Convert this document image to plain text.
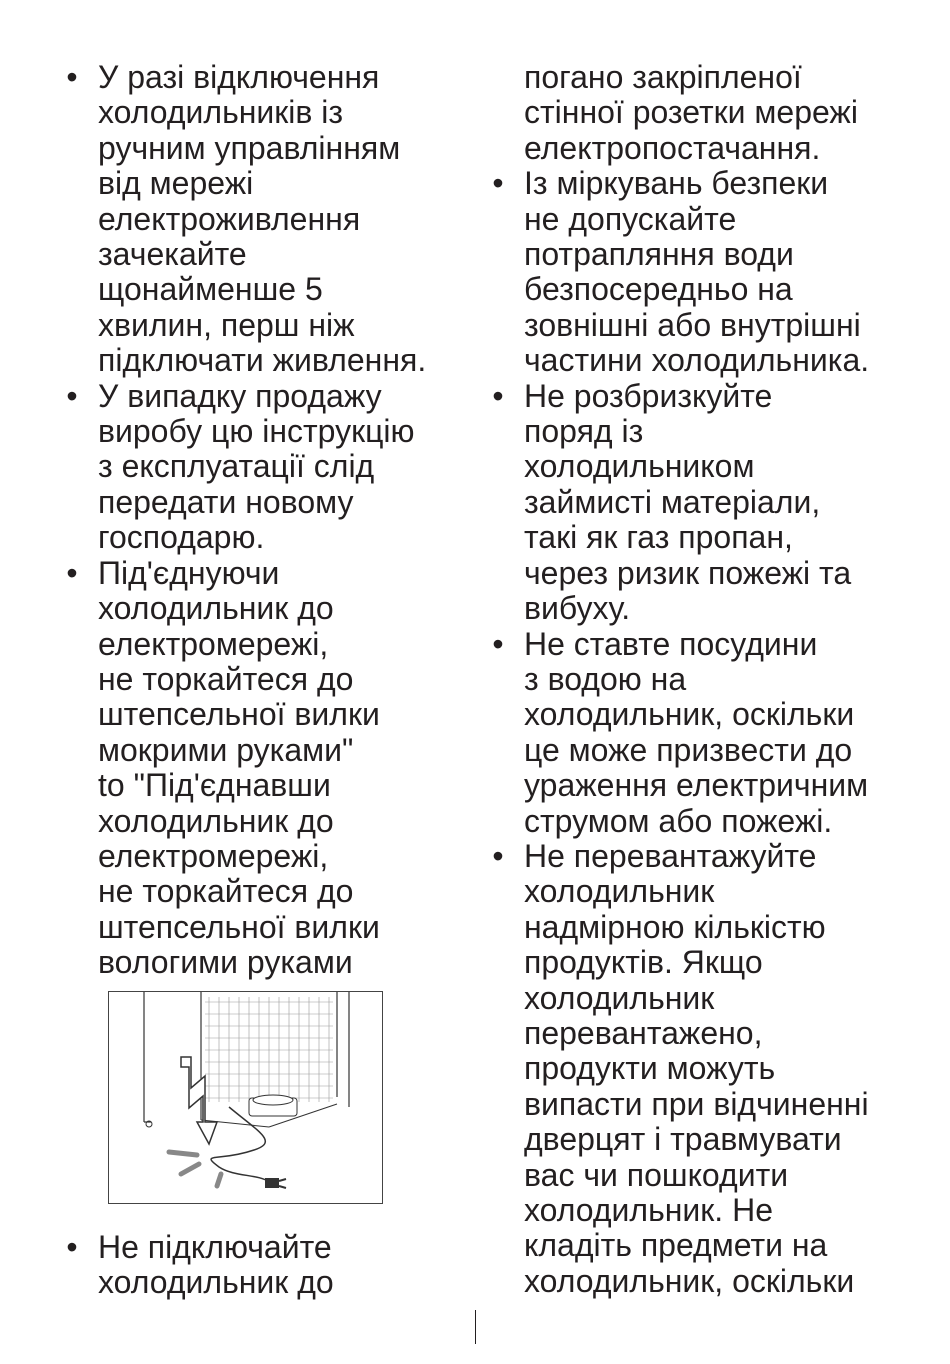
• У разі відключення
холодильників із
ручним управлінням
від мережі
електроживлення
зачекайте
щонайменше 5
хвилин, перш ніж
підключати живлення.
• У випадку продажу
виробу цю інструкцію
з експлуатації слід
передати новому
господарю.
• Під'єднуючи
холодильник до
електромережі,
не торкайтеся до
штепсельної вилки
мокрими руками"
to "Під'єднавши
холодильник до
електромережі,
не торкайтеся до
штепсельної вилки
вологими руками
• Не підключайте
холодильник до
погано закріпленої
стінної розетки мережі
електропостачання.
• Із міркувань безпеки
не допускайте
потрапляння води
безпосередньо на
зовнішні або внутрішні
частини холодильника.
• Не розбризкуйте
поряд із
холодильником
займисті матеріали,
такі як газ пропан,
через ризик пожежі та
вибуху.
• Не ставте посудини
з водою на
холодильник, оскільки
це може призвести до
ураження електричним
струмом або пожежі.
• Не перевантажуйте
холодильник
надмірною кількістю
продуктів. Якщо
холодильник
перевантажено,
продукти можуть
випасти при відчиненні
дверцят і травмувати
вас чи пошкодити
холодильник. Не
кладіть предмети на
холодильник, оскільки
